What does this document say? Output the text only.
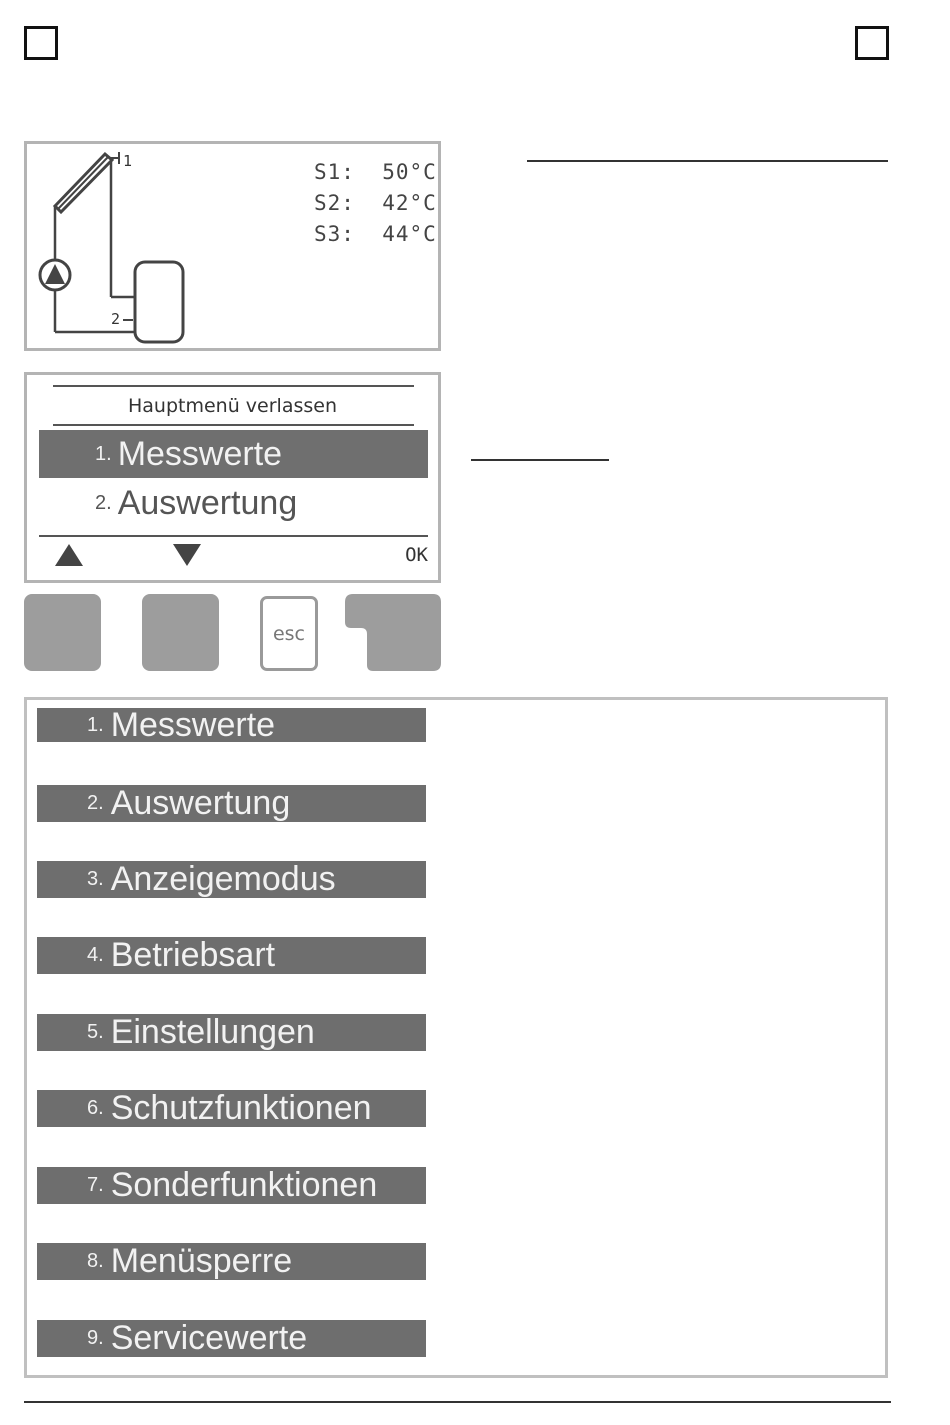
1
2
S1: 50°C
S2: 42°C
S3: 44°C
Hauptmenü verlassen
1. Messwerte
2. Auswertung
OK
esc
1. Messwerte
2. Auswertung
3. Anzeigemodus
4. Betriebsart
5. Einstellungen
6. Schutzfunktionen
7. Sonderfunktionen
8. Menüsperre
9. Servicewerte
